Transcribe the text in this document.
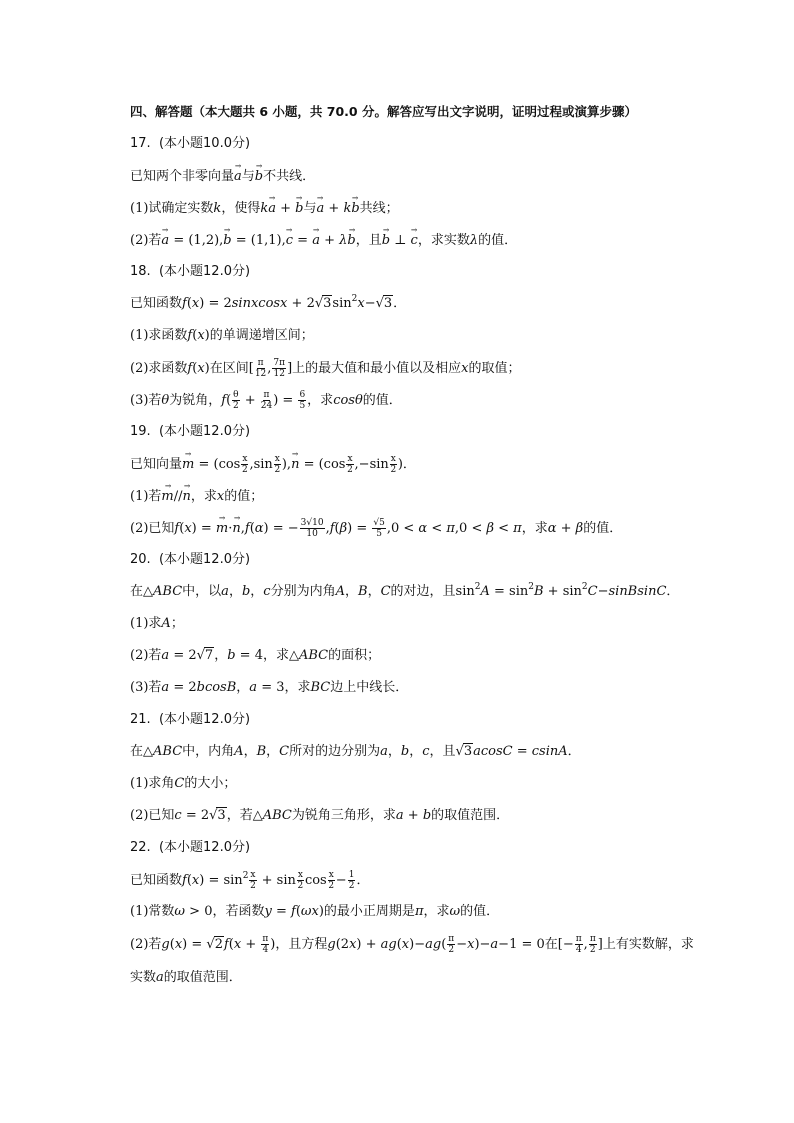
四、解答题（本大题共 6 小题，共 70.0 分。解答应写出文字说明，证明过程或演算步骤）
17. (本小题10.0分)
已知两个非零向量→ a与→ b不共线．
(1)试确定实数k，使得k→ a + → b与→ a + k→ b共线；
(2)若→ a = (1,2),→ b = (1,1),→ c = → a + λ→ b，且→ b ⊥ → c，求实数λ的值．
18. (本小题12.0分)
已知函数f(x) = 2sinxcosx + $2√3\sin^2x-√3$．
(1)求函数f(x)的单调递增区间；
(2)求函数f(x)在区间[ $\frac{\pi}{12}$ , $\frac{7\pi}{12}$ ]上的最大值和最小值以及相应x的取值；
(3)若θ为锐角，$f( \frac{\theta}{2} + \frac{\pi}{24}$ ) = $\frac{6}{5}$ ，求cosθ的值．
19. (本小题12.0分)
已知向量→ $m = (\cos \frac{x}{2} ,\sin \frac{x}{2}$ ),→ $n = (\cos \frac{x}{2} ,-\sin \frac{x}{2}$ )．
(1)若→ m//→ n，求x的值；
(2)已知f(x) = → m·→ n,f(α) = − $\frac{3√10}{10} ,f(\beta) = \frac{√5}{5} ,0 < \alpha < \pi,0 < \beta < \pi$，求α + β的值．
20. (本小题12.0分)
在△ABC中，以a，b，c分别为内角A，B，C的对边，且$\sin^2A = \sin^2B$ + $\sin^2C-sinBsinC$．
(1)求A；
(2)若a = 2√7，b = 4，求△ABC的面积；
(3)若a = 2bcosB，a = 3，求BC边上中线长．
21. (本小题12.0分)
在△ABC中，内角A，B，C所对的边分别为a，b，c，且√3acosC = csinA．
(1)求角C的大小；
(2)已知c = 2√3，若△ABC为锐角三角形，求a + b的取值范围．
22. (本小题12.0分)
已知函数$f(x) = \sin^2 \frac{x}{2} + \sin \frac{x}{2}$ $\cos \frac{x}{2} - \frac{1}{2}$ ．
(1)常数ω > 0，若函数y = f(ωx)的最小正周期是π，求ω的值．
(2)若$g(x) = √2f(x + \frac{\pi}{4}$ )，且方程$g(2x) + ag(x)-ag( \frac{\pi}{2} -x)-a-1 = 0$在[− $\frac{\pi}{4}$ , $\frac{\pi}{2}$ ]上有实数解，求
实数a的取值范围．
